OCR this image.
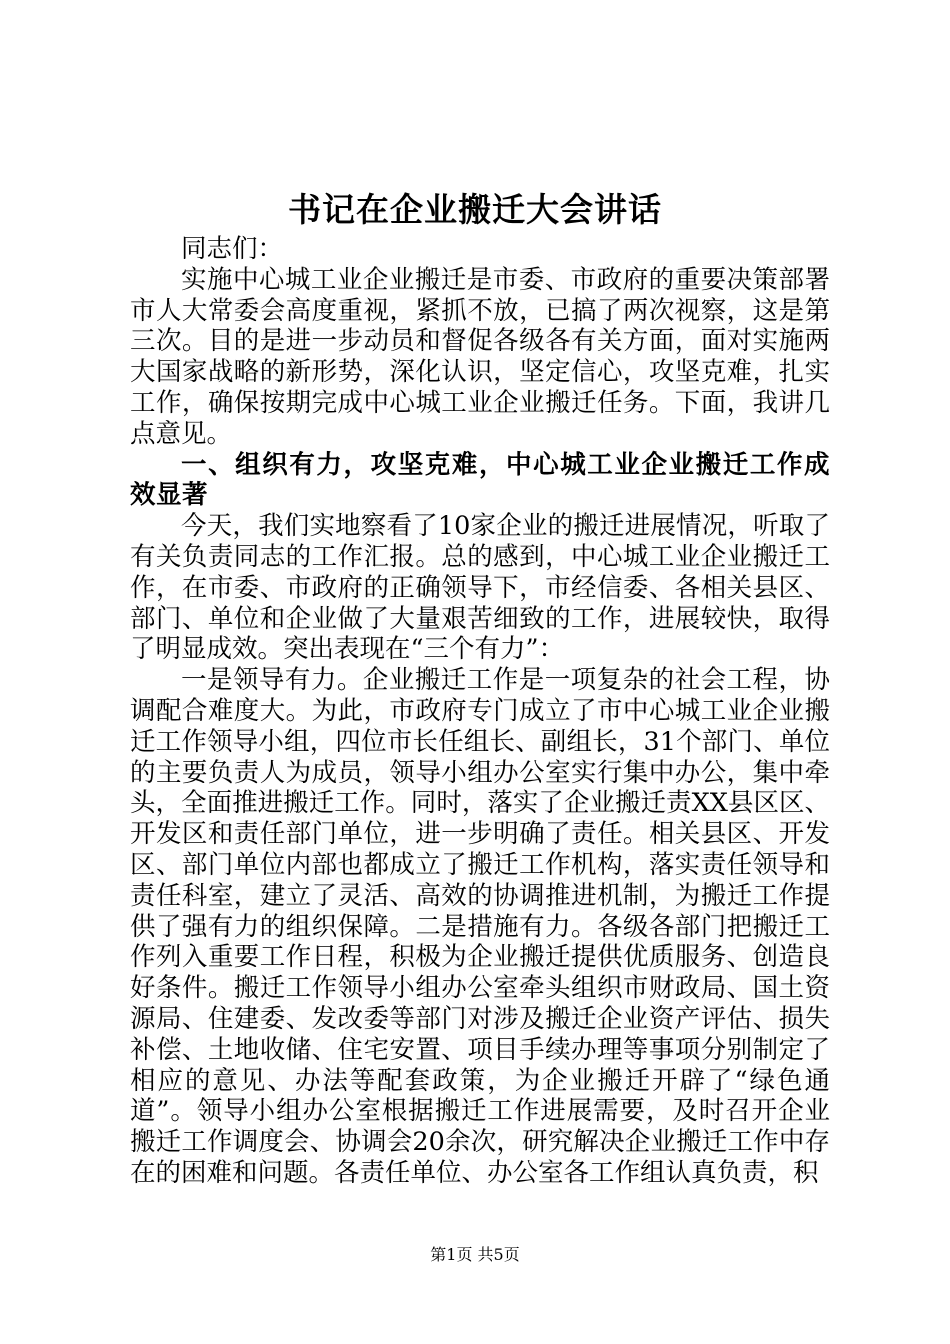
书记在企业搬迁大会讲话

同志们：

实施中心城工业企业搬迁是市委、市政府的重要决策部署市人大常委会高度重视，紧抓不放，已搞了两次视察，这是第三次。目的是进一步动员和督促各级各有关方面，面对实施两大国家战略的新形势，深化认识，坚定信心，攻坚克难，扎实工作，确保按期完成中心城工业企业搬迁任务。下面，我讲几点意见。

一、组织有力，攻坚克难，中心城工业企业搬迁工作成效显著

今天，我们实地察看了10家企业的搬迁进展情况，听取了有关负责同志的工作汇报。总的感到，中心城工业企业搬迁工作，在市委、市政府的正确领导下，市经信委、各相关县区、部门、单位和企业做了大量艰苦细致的工作，进展较快，取得了明显成效。突出表现在“三个有力”：

一是领导有力。企业搬迁工作是一项复杂的社会工程，协调配合难度大。为此，市政府专门成立了市中心城工业企业搬迁工作领导小组，四位市长任组长、副组长，31个部门、单位的主要负责人为成员，领导小组办公室实行集中办公，集中牵头，全面推进搬迁工作。同时，落实了企业搬迁责XX县区区、开发区和责任部门单位，进一步明确了责任。相关县区、开发区、部门单位内部也都成立了搬迁工作机构，落实责任领导和责任科室，建立了灵活、高效的协调推进机制，为搬迁工作提供了强有力的组织保障。二是措施有力。各级各部门把搬迁工作列入重要工作日程，积极为企业搬迁提供优质服务、创造良好条件。搬迁工作领导小组办公室牵头组织市财政局、国土资源局、住建委、发改委等部门对涉及搬迁企业资产评估、损失补偿、土地收储、住宅安置、项目手续办理等事项分别制定了相应的意见、办法等配套政策，为企业搬迁开辟了“绿色通道”。领导小组办公室根据搬迁工作进展需要，及时召开企业搬迁工作调度会、协调会20余次，研究解决企业搬迁工作中存在的困难和问题。各责任单位、办公室各工作组认真负责，积

第1页 共5页
